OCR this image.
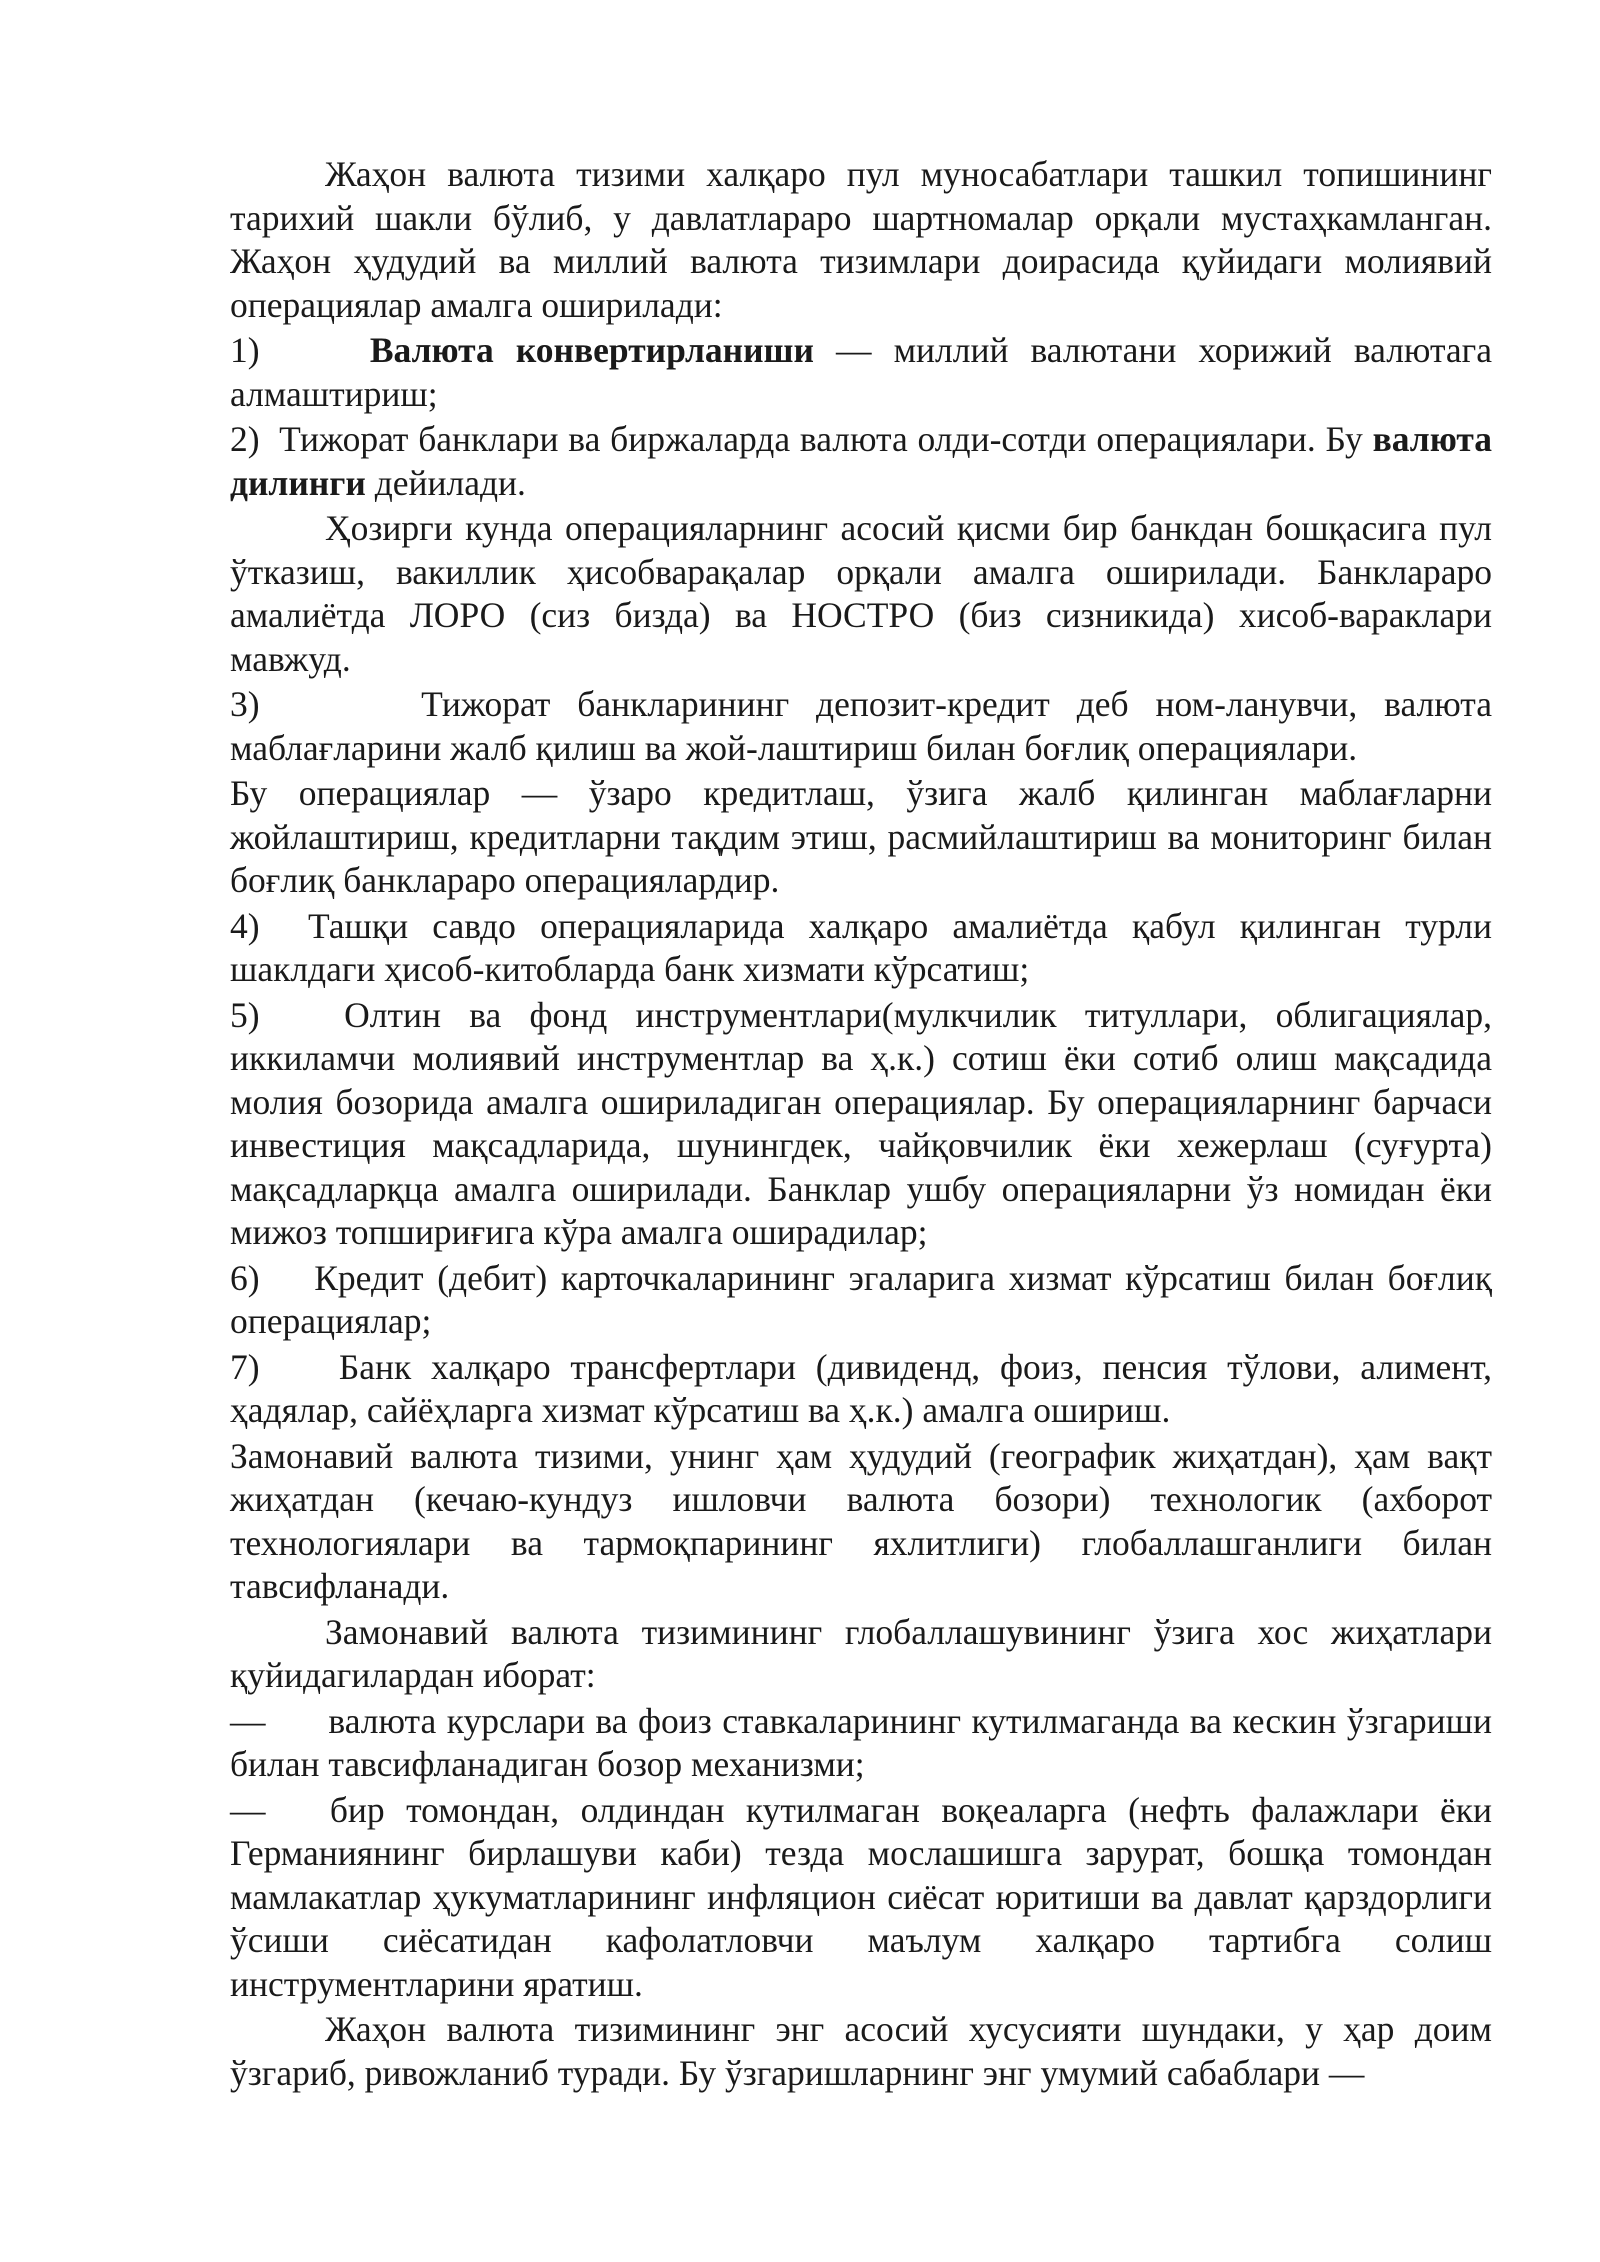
Жаҳон валюта тизими халқаро пул муносабатлари ташкил топишининг тарихий шакли бўлиб, у давлатлараро шартномалар орқали мустаҳкамланган. Жаҳон ҳудудий ва миллий валюта тизимлари доирасида қуйидаги молиявий операциялар амалга оширилади:

1)	Валюта конвертирланиши — миллий валютани хорижий валютага алмаштириш;

2) Тижорат банклари ва биржаларда валюта олди-сотди операциялари. Бу валюта дилинги дейилади.

Ҳозирги кунда операцияларнинг асосий қисми бир банкдан бошқасига пул ўтказиш, вакиллик ҳисобварақалар орқали амалга оширилади. Банклараро амалиётда ЛОРО (сиз бизда) ва НОСТРО (биз сизникида) хисоб-вараклари мавжуд.

3)	Тижорат банкларининг депозит-кредит деб ном-ланувчи, валюта маблағларини жалб қилиш ва жой-лаштириш билан боғлиқ операциялари.

Бу операциялар — ўзаро кредитлаш, ўзига жалб қилинган маблағларни жойлаштириш, кредитларни тақдим этиш, расмийлаштириш ва мониторинг билан боғлиқ банклараро операциялардир.

4) Ташқи савдо операцияларида халқаро амалиётда қабул қилинган турли шаклдаги ҳисоб-китобларда банк хизмати кўрсатиш;

5) Олтин ва фонд инструментлари(мулкчилик титуллари, облигациялар, иккиламчи молиявий инструментлар ва ҳ.к.) сотиш ёки сотиб олиш мақсадида молия бозорида амалга ошириладиган операциялар. Бу операцияларнинг барчаси инвестиция мақсадларида, шунингдек, чайқовчилик ёки хежерлаш (суғурта) мақсадларқца амалга оширилади. Банклар ушбу операцияларни ўз номидан ёки мижоз топшириғига кўра амалга оширадилар;

6) Кредит (дебит) карточкаларининг эгаларига хизмат кўрсатиш билан боғлиқ операциялар;

7) Банк халқаро трансфертлари (дивиденд, фоиз, пенсия тўлови, алимент, ҳадялар, сайёҳларга хизмат кўрсатиш ва ҳ.к.) амалга ошириш.

Замонавий валюта тизими, унинг ҳам ҳудудий (географик жиҳатдан), ҳам вақт жиҳатдан (кечаю-кундуз ишловчи валюта бозори) технологик (ахборот технологиялари ва тармоқпарининг яхлитлиги) глобаллашганлиги билан тавсифланади.

Замонавий валюта тизимининг глобаллашувининг ўзига хос жиҳатлари қуйидагилардан иборат:

— валюта курслари ва фоиз ставкаларининг кутилмаганда ва кескин ўзгариши билан тавсифланадиган бозор механизми;

— бир томондан, олдиндан кутилмаган воқеаларга (нефть фалажлари ёки Германиянинг бирлашуви каби) тезда мослашишга зарурат, бошқа томондан мамлакатлар ҳукуматларининг инфляцион сиёсат юритиши ва давлат қарздорлиги ўсиши сиёсатидан кафолатловчи маълум халқаро тартибга солиш инструментларини яратиш.

Жаҳон валюта тизимининг энг асосий хусусияти шундаки, у ҳар доим ўзгариб, ривожланиб туради. Бу ўзгаришларнинг энг умумий сабаблари —
